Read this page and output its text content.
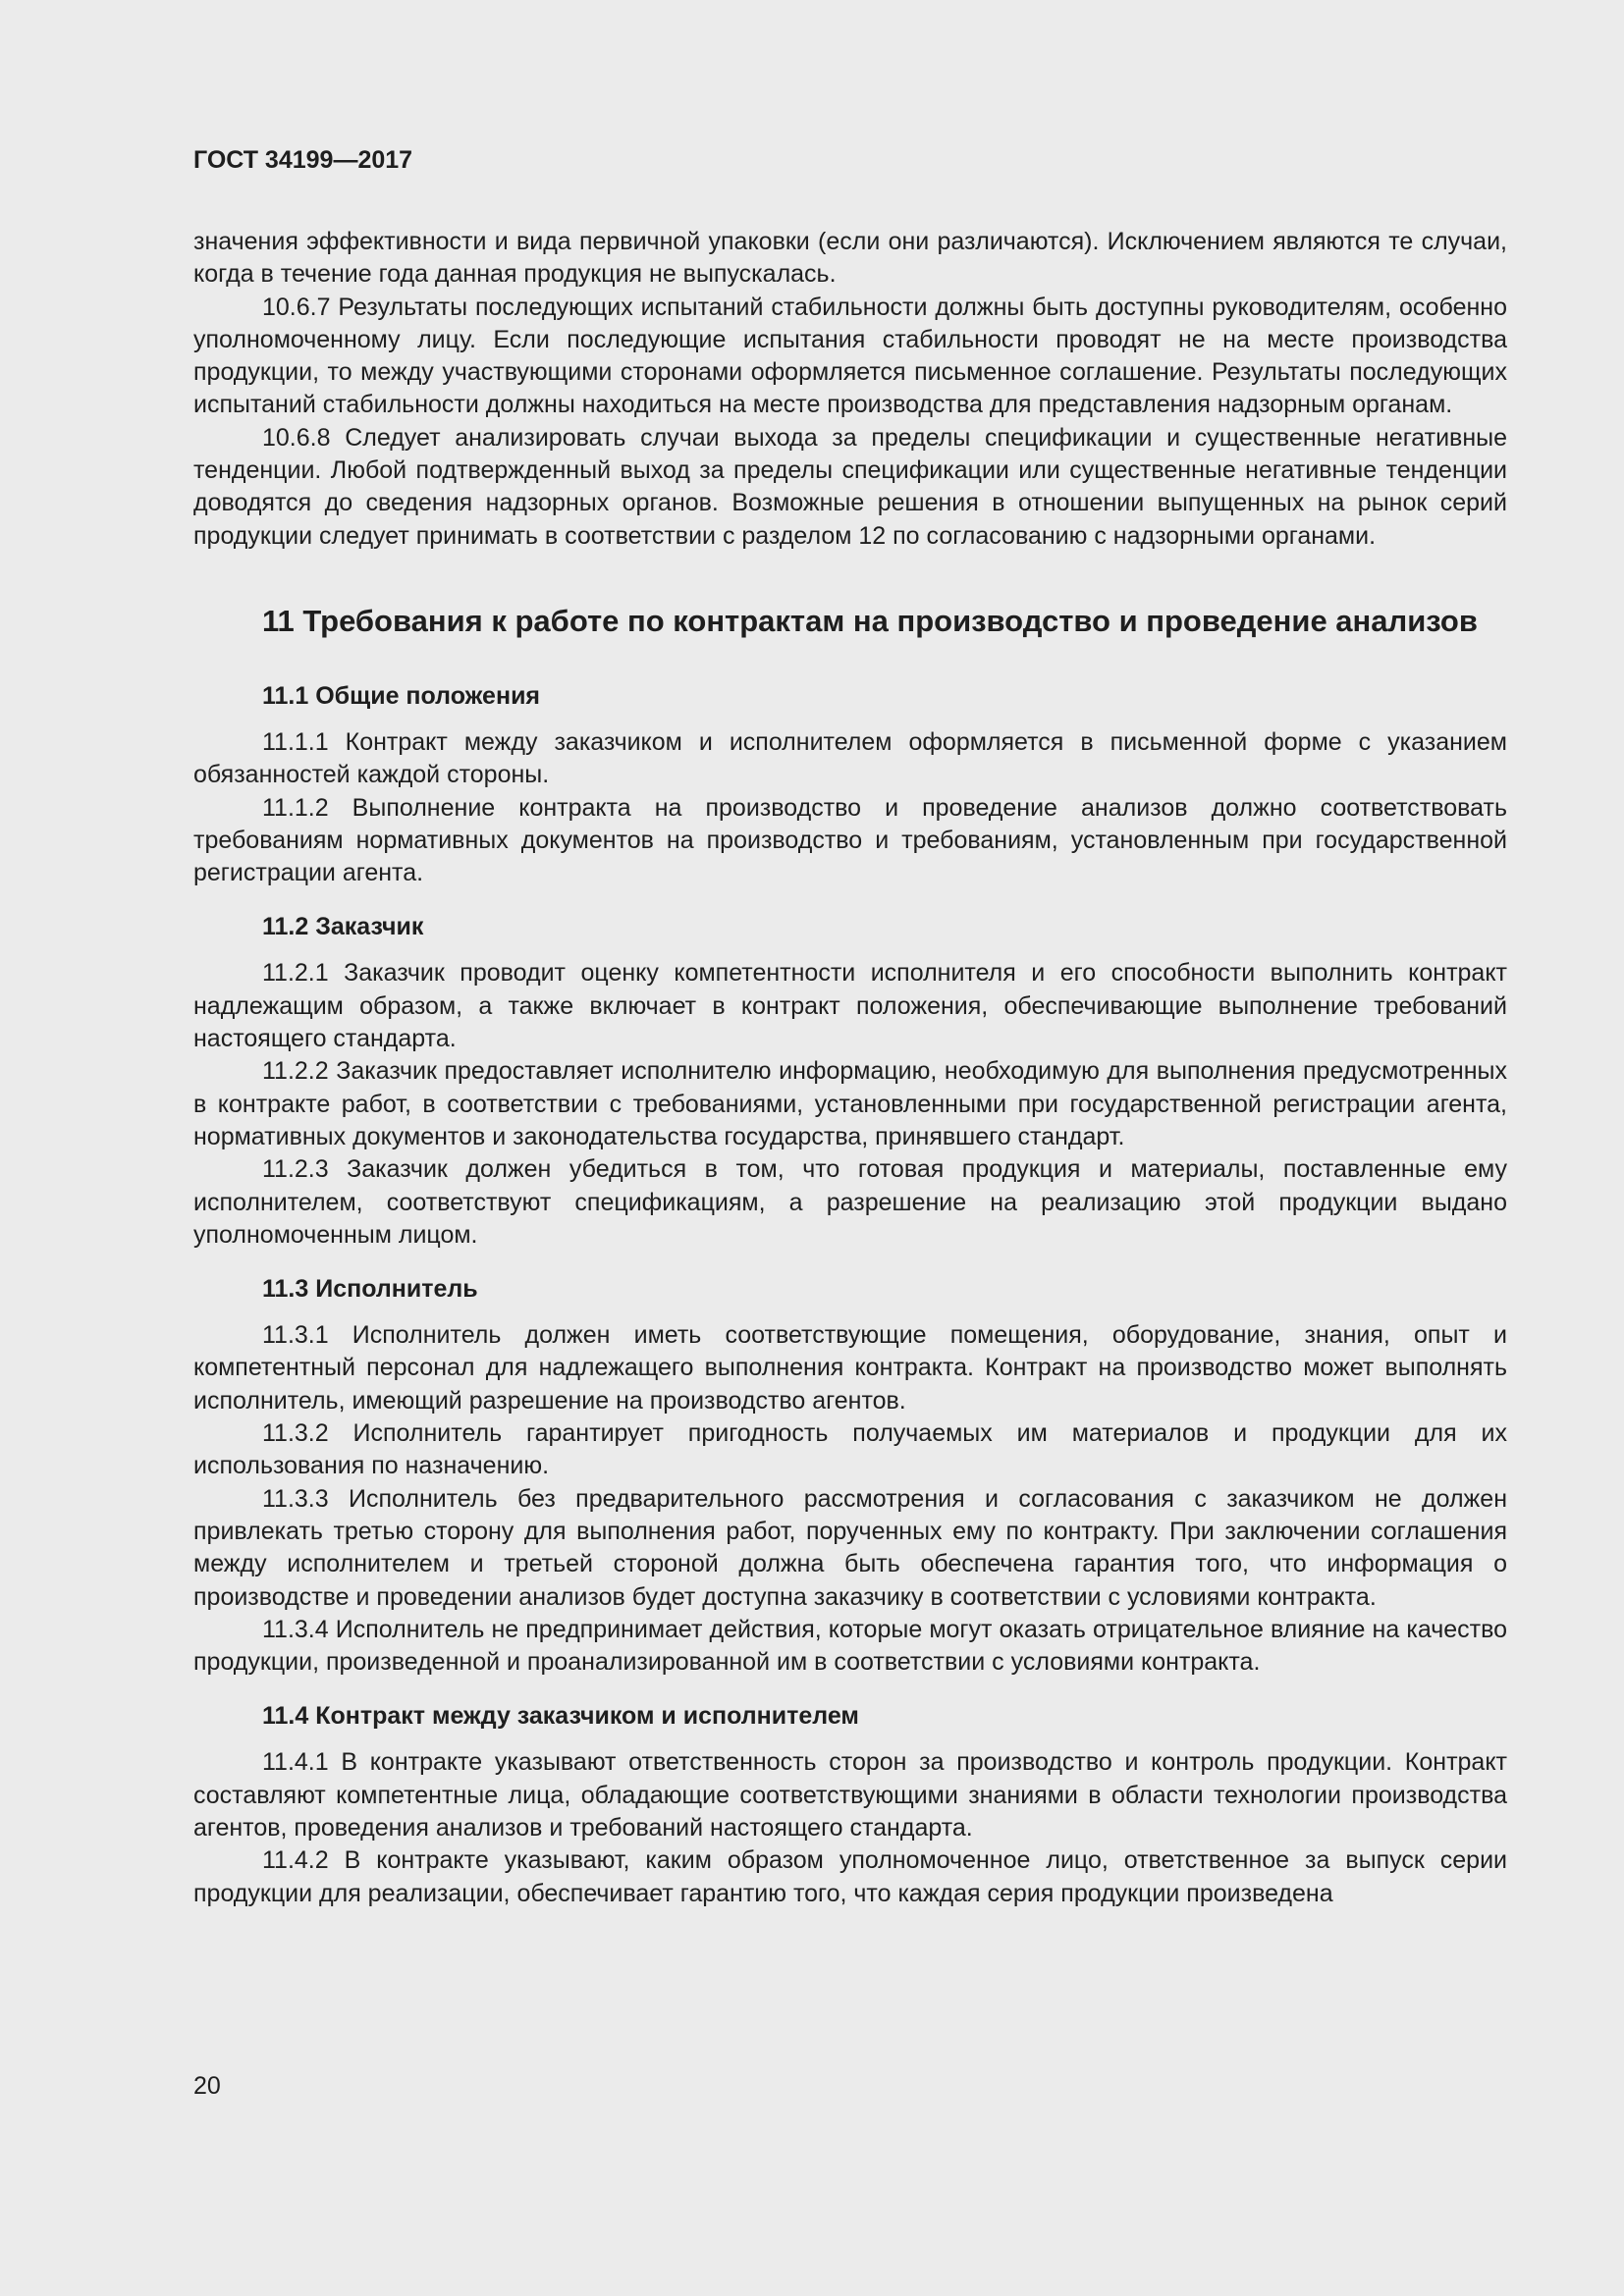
ГОСТ 34199—2017

значения эффективности и вида первичной упаковки (если они различаются). Исключением являются те случаи, когда в течение года данная продукция не выпускалась.

10.6.7 Результаты последующих испытаний стабильности должны быть доступны руководителям, особенно уполномоченному лицу. Если последующие испытания стабильности проводят не на месте производства продукции, то между участвующими сторонами оформляется письменное соглашение. Результаты последующих испытаний стабильности должны находиться на месте производства для представления надзорным органам.

10.6.8 Следует анализировать случаи выхода за пределы спецификации и существенные негативные тенденции. Любой подтвержденный выход за пределы спецификации или существенные негативные тенденции доводятся до сведения надзорных органов. Возможные решения в отношении выпущенных на рынок серий продукции следует принимать в соответствии с разделом 12 по согласованию с надзорными органами.

11 Требования к работе по контрактам на производство и проведение анализов
11.1 Общие положения

11.1.1 Контракт между заказчиком и исполнителем оформляется в письменной форме с указанием обязанностей каждой стороны.

11.1.2 Выполнение контракта на производство и проведение анализов должно соответствовать требованиям нормативных документов на производство и требованиям, установленным при государственной регистрации агента.

11.2 Заказчик

11.2.1 Заказчик проводит оценку компетентности исполнителя и его способности выполнить контракт надлежащим образом, а также включает в контракт положения, обеспечивающие выполнение требований настоящего стандарта.

11.2.2 Заказчик предоставляет исполнителю информацию, необходимую для выполнения предусмотренных в контракте работ, в соответствии с требованиями, установленными при государственной регистрации агента, нормативных документов и законодательства государства, принявшего стандарт.

11.2.3 Заказчик должен убедиться в том, что готовая продукция и материалы, поставленные ему исполнителем, соответствуют спецификациям, а разрешение на реализацию этой продукции выдано уполномоченным лицом.

11.3 Исполнитель

11.3.1 Исполнитель должен иметь соответствующие помещения, оборудование, знания, опыт и компетентный персонал для надлежащего выполнения контракта. Контракт на производство может выполнять исполнитель, имеющий разрешение на производство агентов.

11.3.2 Исполнитель гарантирует пригодность получаемых им материалов и продукции для их использования по назначению.

11.3.3 Исполнитель без предварительного рассмотрения и согласования с заказчиком не должен привлекать третью сторону для выполнения работ, порученных ему по контракту. При заключении соглашения между исполнителем и третьей стороной должна быть обеспечена гарантия того, что информация о производстве и проведении анализов будет доступна заказчику в соответствии с условиями контракта.

11.3.4 Исполнитель не предпринимает действия, которые могут оказать отрицательное влияние на качество продукции, произведенной и проанализированной им в соответствии с условиями контракта.

11.4 Контракт между заказчиком и исполнителем

11.4.1 В контракте указывают ответственность сторон за производство и контроль продукции. Контракт составляют компетентные лица, обладающие соответствующими знаниями в области технологии производства агентов, проведения анализов и требований настоящего стандарта.

11.4.2 В контракте указывают, каким образом уполномоченное лицо, ответственное за выпуск серии продукции для реализации, обеспечивает гарантию того, что каждая серия продукции произведена

20
